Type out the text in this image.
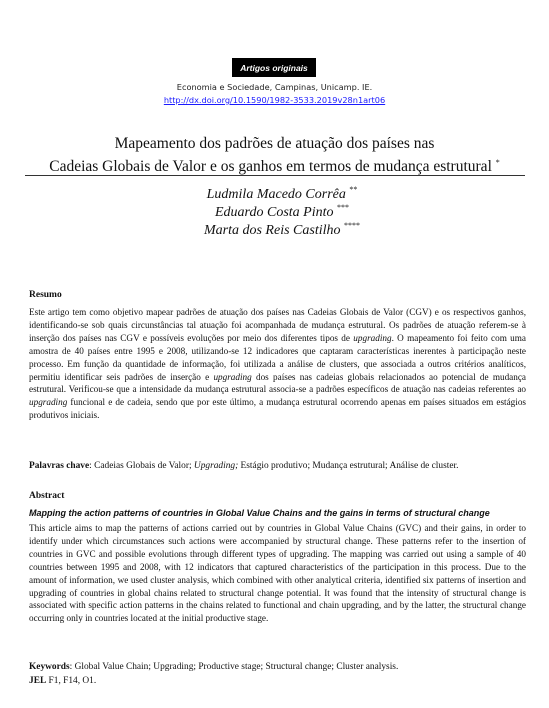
Artigos originais
Economia e Sociedade, Campinas, Unicamp. IE.
http://dx.doi.org/10.1590/1982-3533.2019v28n1art06
Mapeamento dos padrões de atuação dos países nas
Cadeias Globais de Valor e os ganhos em termos de mudança estrutural *
Ludmila Macedo Corrêa **
Eduardo Costa Pinto ***
Marta dos Reis Castilho ****
Resumo

Este artigo tem como objetivo mapear padrões de atuação dos países nas Cadeias Globais de Valor (CGV) e os respectivos ganhos, identificando-se sob quais circunstâncias tal atuação foi acompanhada de mudança estrutural. Os padrões de atuação referem-se à inserção dos países nas CGV e possíveis evoluções por meio dos diferentes tipos de upgrading. O mapeamento foi feito com uma amostra de 40 países entre 1995 e 2008, utilizando-se 12 indicadores que captaram características inerentes à participação neste processo. Em função da quantidade de informação, foi utilizada a análise de clusters, que associada a outros critérios analíticos, permitiu identificar seis padrões de inserção e upgrading dos países nas cadeias globais relacionados ao potencial de mudança estrutural. Verificou-se que a intensidade da mudança estrutural associa-se a padrões específicos de atuação nas cadeias referentes ao upgrading funcional e de cadeia, sendo que por este último, a mudança estrutural ocorrendo apenas em países situados em estágios produtivos iniciais.

Palavras chave: Cadeias Globais de Valor; Upgrading; Estágio produtivo; Mudança estrutural; Análise de cluster.
Abstract
Mapping the action patterns of countries in Global Value Chains and the gains in terms of structural change

This article aims to map the patterns of actions carried out by countries in Global Value Chains (GVC) and their gains, in order to identify under which circumstances such actions were accompanied by structural change. These patterns refer to the insertion of countries in GVC and possible evolutions through different types of upgrading. The mapping was carried out using a sample of 40 countries between 1995 and 2008, with 12 indicators that captured characteristics of the participation in this process. Due to the amount of information, we used cluster analysis, which combined with other analytical criteria, identified six patterns of insertion and upgrading of countries in global chains related to structural change potential. It was found that the intensity of structural change is associated with specific action patterns in the chains related to functional and chain upgrading, and by the latter, the structural change occurring only in countries located at the initial productive stage.

Keywords: Global Value Chain; Upgrading; Productive stage; Structural change; Cluster analysis.
JEL F1, F14, O1.
